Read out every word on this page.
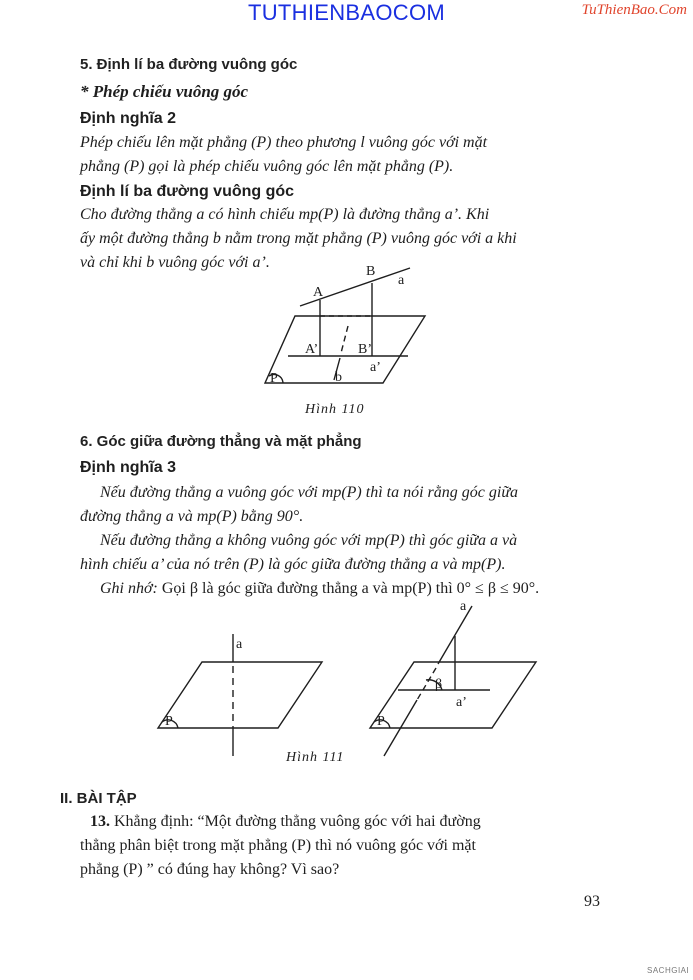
TUTHIENBAOCOM	TuThienBao.Com
5. Định lí ba đường vuông góc
* Phép chiếu vuông góc
Định nghĩa 2
Phép chiếu lên mặt phẳng (P) theo phương l vuông góc với mặt
phẳng (P) gọi là phép chiếu vuông góc lên mặt phẳng (P).
Định lí ba đường vuông góc
Cho đường thẳng a có hình chiếu mp(P) là đường thẳng a’. Khi
ấy một đường thẳng b nằm trong mặt phẳng (P) vuông góc với a khi
và chỉ khi b vuông góc với a’.
A
B
a
A’	B’
a’
b
P
Hình 110
6. Góc giữa đường thẳng và mặt phẳng
Định nghĩa 3
Nếu đường thẳng a vuông góc với mp(P) thì ta nói rằng góc giữa
đường thẳng a và mp(P) bằng 90°.
Nếu đường thẳng a không vuông góc với mp(P) thì góc giữa a và
hình chiếu a’ của nó trên (P) là góc giữa đường thẳng a và mp(P).
Ghi nhớ: Gọi β là góc giữa đường thẳng a và mp(P) thì 0° ≤ β ≤ 90°.
a
P
a
β
a’
P
Hình 111
II. BÀI TẬP
13. Khẳng định: “Một đường thẳng vuông góc với hai đường
thẳng phân biệt trong mặt phẳng (P) thì nó vuông góc với mặt
phẳng (P) ” có đúng hay không? Vì sao?
93
SACHGIAI
